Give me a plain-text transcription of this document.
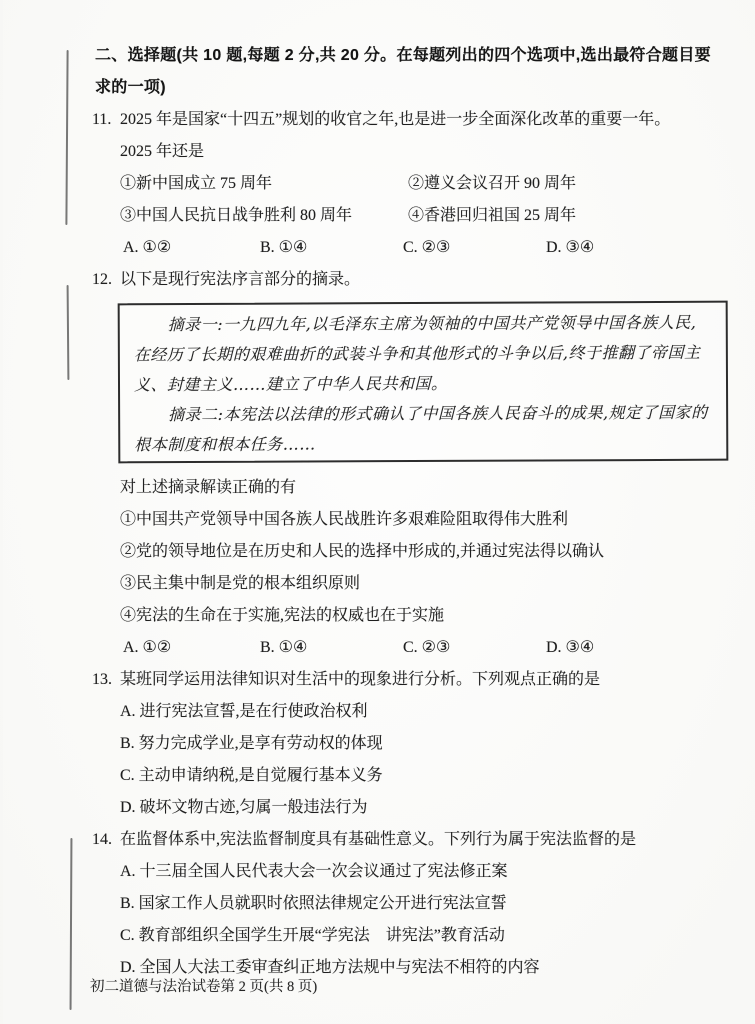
二、选择题(共 10 题,每题 2 分,共 20 分。在每题列出的四个选项中,选出最符合题目要
求的一项)
11. 2025 年是国家“十四五”规划的收官之年,也是进一步全面深化改革的重要一年。
2025 年还是
①新中国成立 75 周年	②遵义会议召开 90 周年
③中国人民抗日战争胜利 80 周年	④香港回归祖国 25 周年
A. ①②	B. ①④	C. ②③	D. ③④
12. 以下是现行宪法序言部分的摘录。
摘录一:一九四九年,以毛泽东主席为领袖的中国共产党领导中国各族人民,
在经历了长期的艰难曲折的武装斗争和其他形式的斗争以后,终于推翻了帝国主
义、封建主义……建立了中华人民共和国。
摘录二:本宪法以法律的形式确认了中国各族人民奋斗的成果,规定了国家的
根本制度和根本任务……
对上述摘录解读正确的有
①中国共产党领导中国各族人民战胜许多艰难险阻取得伟大胜利
②党的领导地位是在历史和人民的选择中形成的,并通过宪法得以确认
③民主集中制是党的根本组织原则
④宪法的生命在于实施,宪法的权威也在于实施
A. ①②	B. ①④	C. ②③	D. ③④
13. 某班同学运用法律知识对生活中的现象进行分析。下列观点正确的是
A. 进行宪法宣誓,是在行使政治权利
B. 努力完成学业,是享有劳动权的体现
C. 主动申请纳税,是自觉履行基本义务
D. 破坏文物古迹,匀属一般违法行为
14. 在监督体系中,宪法监督制度具有基础性意义。下列行为属于宪法监督的是
A. 十三届全国人民代表大会一次会议通过了宪法修正案
B. 国家工作人员就职时依照法律规定公开进行宪法宣誓
C. 教育部组织全国学生开展“学宪法　讲宪法”教育活动
D. 全国人大法工委审查纠正地方法规中与宪法不相符的内容
初二道德与法治试卷第 2 页(共 8 页)
